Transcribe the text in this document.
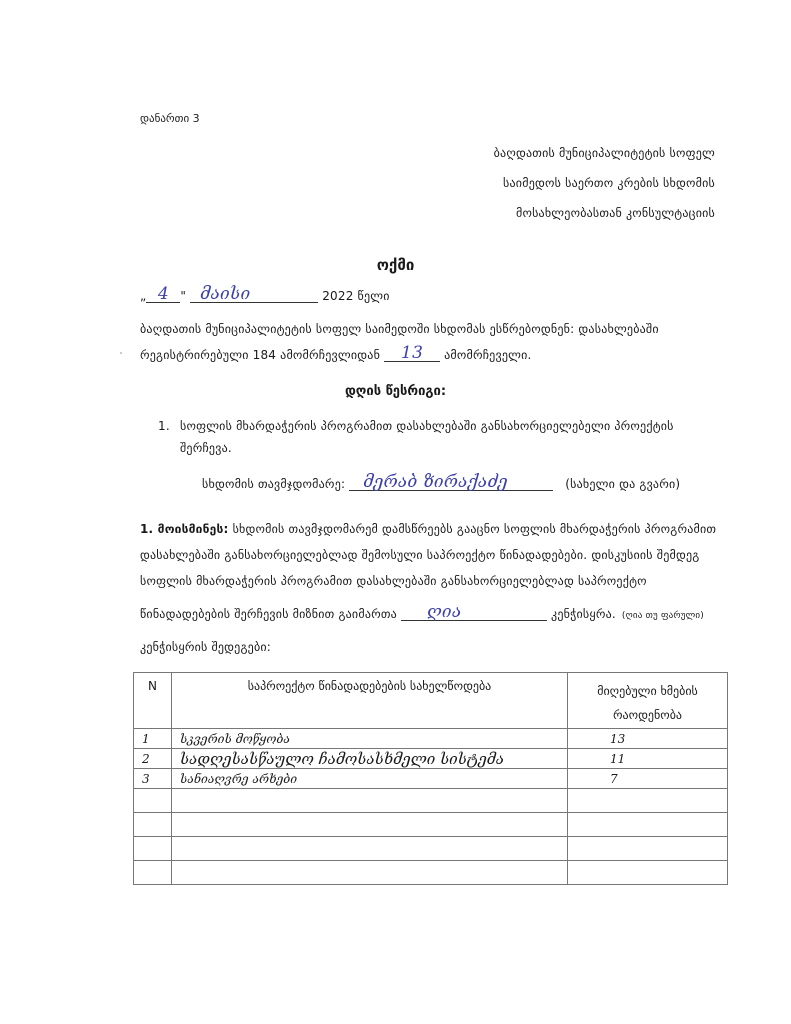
დანართი 3
ბაღდათის მუნიციპალიტეტის სოფელ
საიმედოს საერთო კრების სხდომის
მოსახლეობასთან კონსულტაციის
ოქმი
„ 4 " მაისი	2022 წელი
ბაღდათის მუნიციპალიტეტის სოფელ საიმედოში სხდომას ესწრებოდნენ: დასახლებაში
რეგისტრირებული 184 ამომრჩევლიდან 13 ამომრჩეველი.
დღის წესრიგი:
1. სოფლის მხარდაჭერის პროგრამით დასახლებაში განსახორციელებელი პროექტის
შერჩევა.
სხდომის თავმჯდომარე: მერაბ ზირაქაძე	(სახელი და გვარი)
1. მოისმინეს: სხდომის თავმჯდომარემ დამსწრეებს გააცნო სოფლის მხარდაჭერის პროგრამით
დასახლებაში განსახორციელებლად შემოსული საპროექტო წინადადებები. დისკუსიის შემდეგ
სოფლის მხარდაჭერის პროგრამით დასახლებაში განსახორციელებლად საპროექტო
წინადადებების შერჩევის მიზნით გაიმართა ღია	კენჭისყრა. (ღია თუ ფარული)
კენჭისყრის შედეგები:
N	საპროექტო წინადადებების სახელწოდება	მიღებული ხმების
რაოდენობა

1	სკვერის მოწყობა	13
2	სადღესასწაულო ჩამოსასხმელი სისტემა	11
3	სანიაღვრე არხები	7
